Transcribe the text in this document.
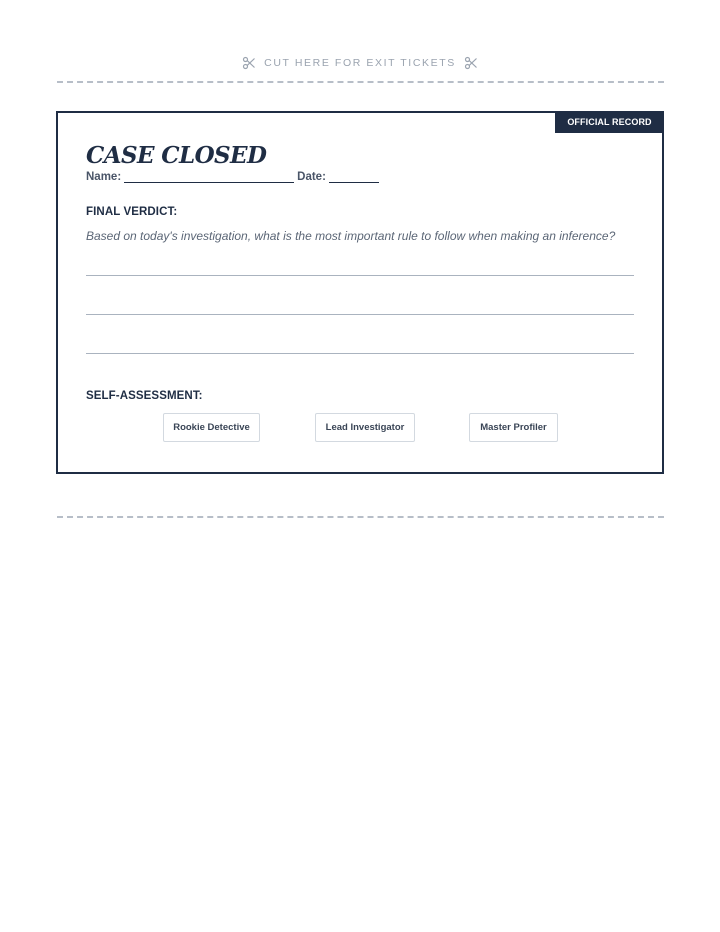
CUT HERE FOR EXIT TICKETS
OFFICIAL RECORD
CASE CLOSED
Name:	Date:
FINAL VERDICT:
Based on today's investigation, what is the most important rule to follow when making an inference?
SELF-ASSESSMENT:
Rookie Detective	Lead Investigator	Master Profiler
